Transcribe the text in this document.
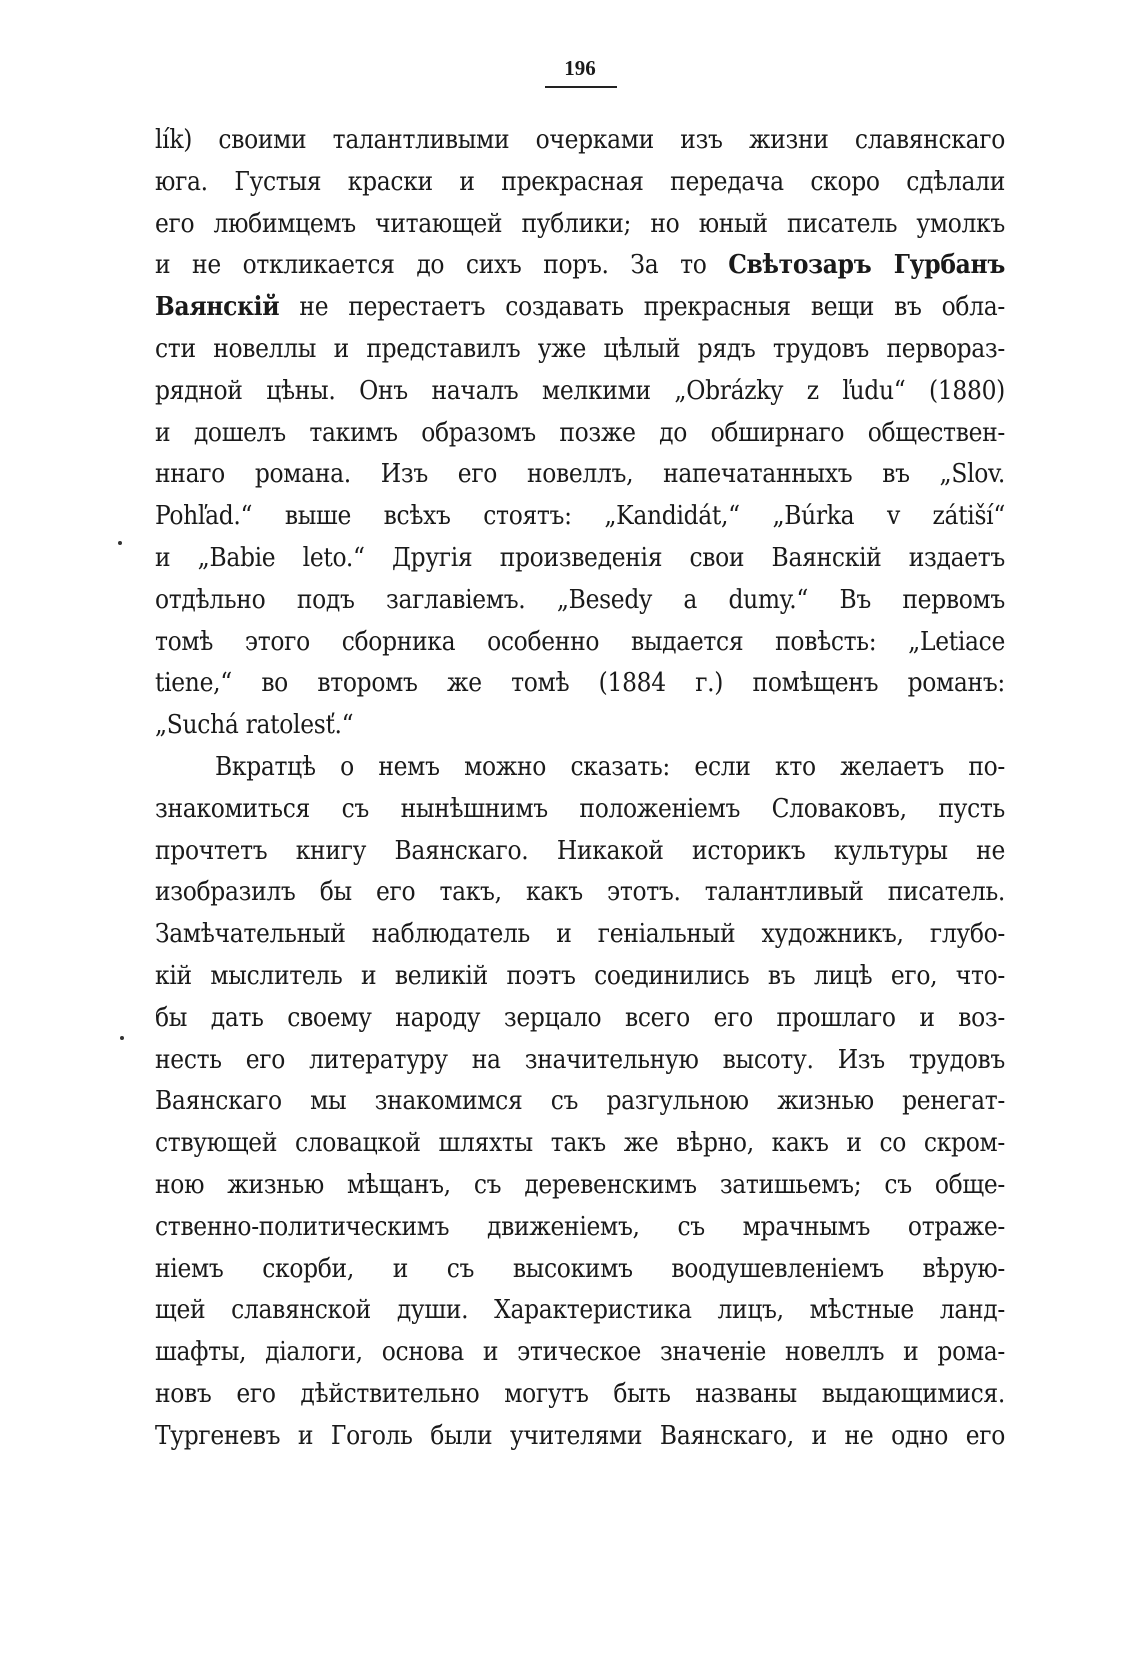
196
lík) своими талантливыми очерками изъ жизни славянскаго
юга. Густыя краски и прекрасная передача скоро сдѣлали
его любимцемъ читающей публики; но юный писатель умолкъ
и не откликается до сихъ поръ. За то Свѣтозаръ Гурбанъ
Ваянскій не перестаетъ создавать прекрасныя вещи въ обла-
сти новеллы и представилъ уже цѣлый рядъ трудовъ первораз-
рядной цѣны. Онъ началъ мелкими „Obrázky z ľudu“ (1880)
и дошелъ такимъ образомъ позже до обширнаго обществен-
ннаго романа. Изъ его новеллъ, напечатанныхъ въ „Slov.
Pohľad.“ выше всѣхъ стоятъ: „Kandidát,“ „Búrka v zátiší“
и „Babie leto.“ Другія произведенія свои Ваянскій издаетъ
отдѣльно подъ заглавіемъ. „Besedy a dumy.“ Въ первомъ
томѣ этого сборника особенно выдается повѣсть: „Letiace
tiene,“ во второмъ же томѣ (1884 г.) помѣщенъ романъ:
„Suchá ratolesť.“
Вкратцѣ о немъ можно сказать: если кто желаетъ по-
знакомиться съ нынѣшнимъ положеніемъ Словаковъ, пусть
прочтетъ книгу Ваянскаго. Никакой историкъ культуры не
изобразилъ бы его такъ, какъ этотъ. талантливый писатель.
Замѣчательный наблюдатель и геніальный художникъ, глубо-
кій мыслитель и великій поэтъ соединились въ лицѣ его, что-
бы дать своему народу зерцало всего его прошлаго и воз-
несть его литературу на значительную высоту. Изъ трудовъ
Ваянскаго мы знакомимся съ разгульною жизнью ренегат-
ствующей словацкой шляхты такъ же вѣрно, какъ и со скром-
ною жизнью мѣщанъ, съ деревенскимъ затишьемъ; съ обще-
ственно-политическимъ движеніемъ, съ мрачнымъ отраже-
ніемъ скорби, и съ высокимъ воодушевленіемъ вѣрую-
щей славянской души. Характеристика лицъ, мѣстные ланд-
шафты, діалоги, основа и этическое значеніе новеллъ и рома-
новъ его дѣйствительно могутъ быть названы выдающимися.
Тургеневъ и Гоголь были учителями Ваянскаго, и не одно его
